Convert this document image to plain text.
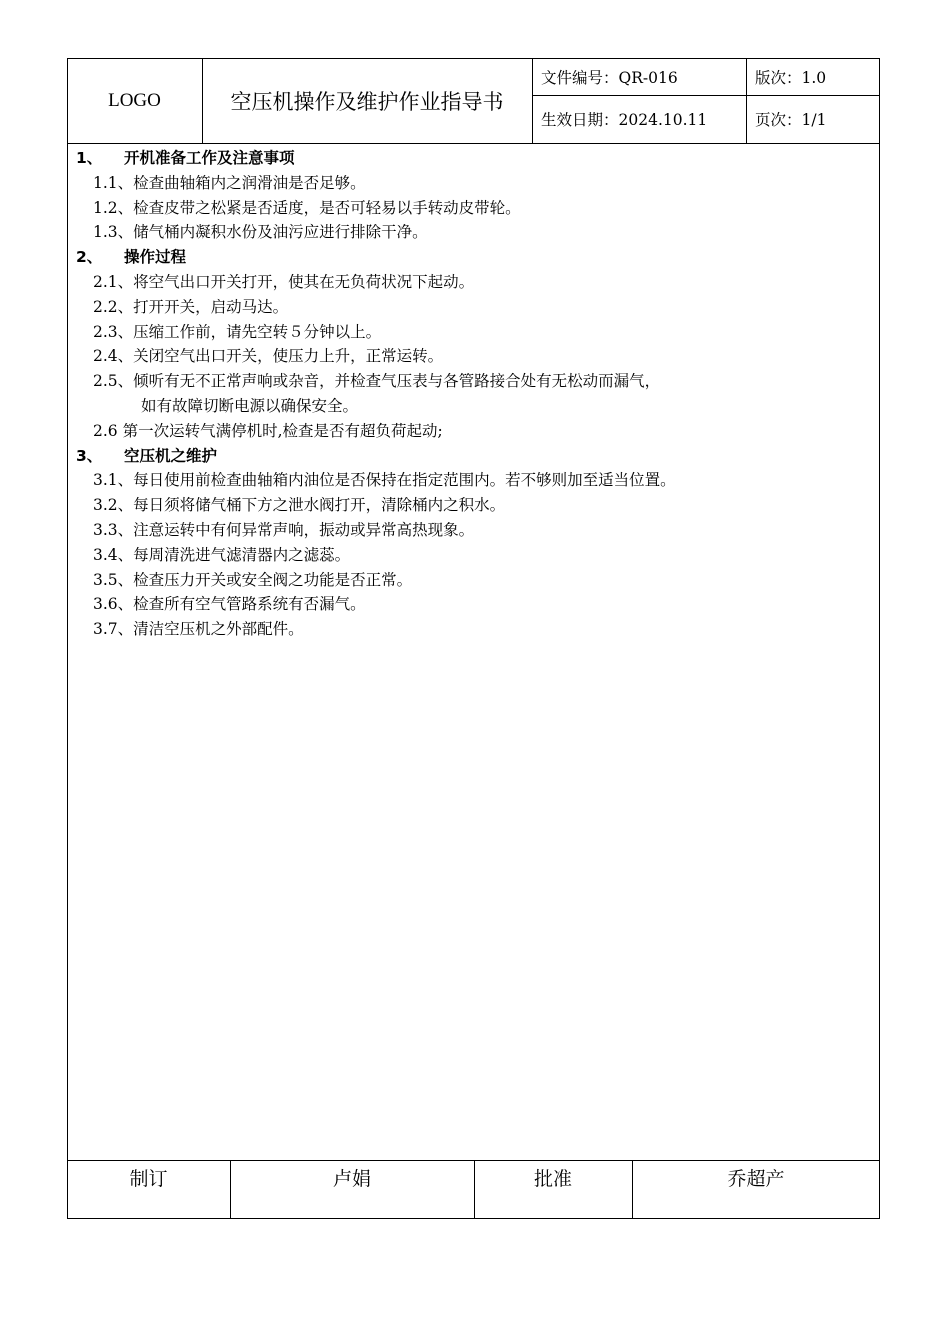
LOGO	空压机操作及维护作业指导书
文件编号：QR-016	版次：1.0
生效日期：2024.10.11	页次：1/1
1、 开机准备工作及注意事项
1.1、检查曲轴箱内之润滑油是否足够。
1.2、检查皮带之松紧是否适度，是否可轻易以手转动皮带轮。
1.3、储气桶内凝积水份及油污应进行排除干净。
2、 操作过程
2.1、将空气出口开关打开，使其在无负荷状况下起动。
2.2、打开开关，启动马达。
2.3、压缩工作前，请先空转５分钟以上。
2.4、关闭空气出口开关，使压力上升，正常运转。
2.5、倾听有无不正常声响或杂音，并检查气压表与各管路接合处有无松动而漏气，
如有故障切断电源以确保安全。
2.6 第一次运转气满停机时,检查是否有超负荷起动;
3、 空压机之维护
3.1、每日使用前检查曲轴箱内油位是否保持在指定范围内。若不够则加至适当位置。
3.2、每日须将储气桶下方之泄水阀打开，清除桶内之积水。
3.3、注意运转中有何异常声响，振动或异常高热现象。
3.4、每周清洗进气滤清器内之滤蕊。
3.5、检查压力开关或安全阀之功能是否正常。
3.6、检查所有空气管路系统有否漏气。
3.7、清洁空压机之外部配件。
制订	卢娟	批准	乔超产
